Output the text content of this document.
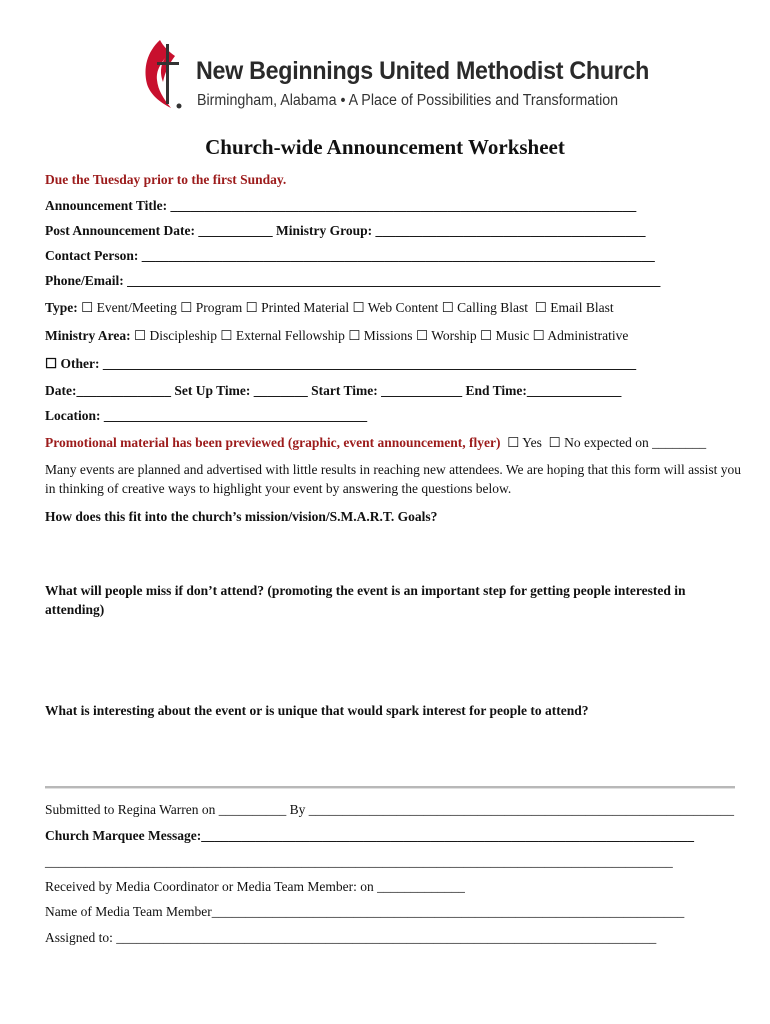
New Beginnings United Methodist Church
Birmingham, Alabama • A Place of Possibilities and Transformation
Church-wide Announcement Worksheet
Due the Tuesday prior to the first Sunday.
Announcement Title: _____________________________________________________________________
Post Announcement Date: ___________ Ministry Group: ________________________________________
Contact Person: ____________________________________________________________________________
Phone/Email: _______________________________________________________________________________
Type: ☐ Event/Meeting ☐ Program ☐ Printed Material ☐ Web Content ☐ Calling Blast  ☐ Email Blast
Ministry Area: ☐ Discipleship ☐ External Fellowship ☐ Missions ☐ Worship ☐ Music ☐ Administrative
☐ Other: _______________________________________________________________________________
Date:______________ Set Up Time: ________ Start Time: ____________ End Time:______________
Location: _______________________________________
Promotional material has been previewed (graphic, event announcement, flyer)  ☐ Yes  ☐ No expected on ________
Many events are planned and advertised with little results in reaching new attendees. We are hoping that this form will assist you in thinking of creative ways to highlight your event by answering the questions below.
How does this fit into the church’s mission/vision/S.M.A.R.T. Goals?
What will people miss if don’t attend? (promoting the event is an important step for getting people interested in attending)
What is interesting about the event or is unique that would spark interest for people to attend?
Submitted to Regina Warren on __________ By _______________________________________________________________
Church Marquee Message:_________________________________________________________________________
_____________________________________________________________________________________________
Received by Media Coordinator or Media Team Member: on _____________
Name of Media Team Member______________________________________________________________________
Assigned to: ________________________________________________________________________________
